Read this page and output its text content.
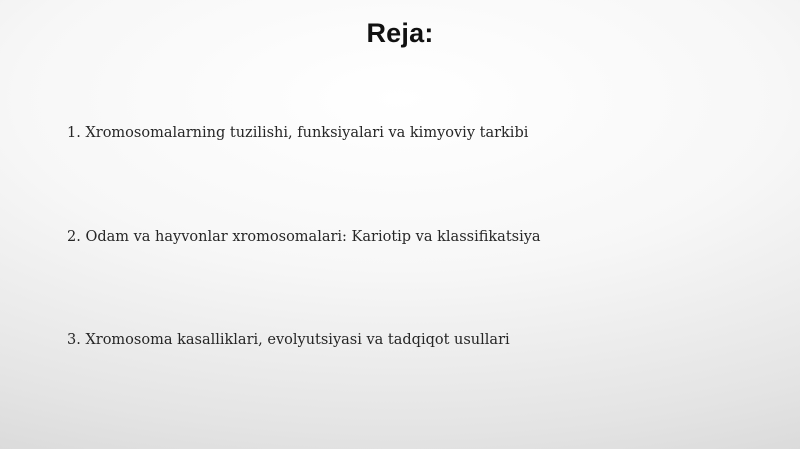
Reja:
1. Xromosomalarning tuzilishi, funksiyalari va kimyoviy tarkibi
2. Odam va hayvonlar xromosomalari: Kariotip va klassifikatsiya
3. Xromosoma kasalliklari, evolyutsiyasi va tadqiqot usullari
